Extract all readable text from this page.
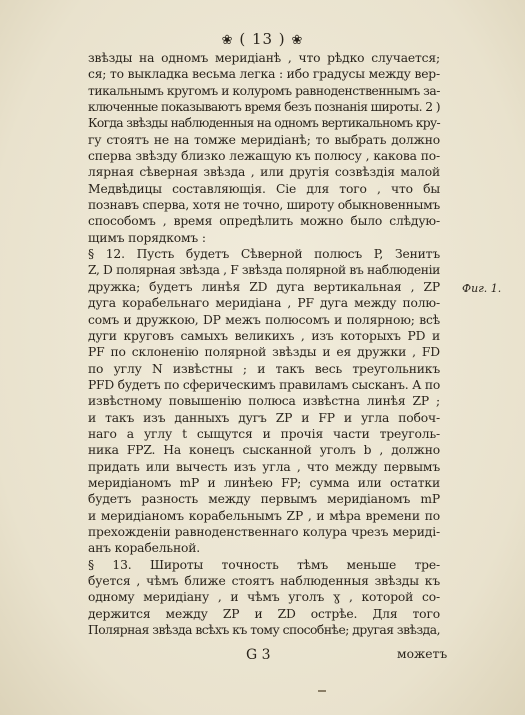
❀ ( 13 ) ❀
звѣзды на одномъ меридіанѣ , что рѣдко случается;
ся; то выкладка весьма легка : ибо градусы между вер-
тикальнымъ кругомъ и колуромъ равноденственнымъ за-
ключенные показываютъ время безъ познанія широты. 2 )
Когда звѣзды наблюденныя на одномъ вертикальномъ кру-
гу стоятъ не на томже меридіанѣ; то выбрать должно
сперва звѣзду близко лежащую къ полюсу , какова по-
лярная сѣверная звѣзда , или другія созвѣздія малой
Медвѣдицы составляющія. Сіе для того , что бы
познавъ сперва, хотя не точно, широту обыкновеннымъ
способомъ , время опредѣлить можно было слѣдую-
щимъ порядкомъ :
§ 12. Пусть будетъ Сѣверной полюсъ P, Зенитъ
Z, D полярная звѣзда , F звѣзда полярной въ наблюденіи
дружка; будетъ линѣя ZD дуга вертикальная , ZP
дуга корабельнаго меридіана , PF дуга между полю-
сомъ и дружкою, DP межъ полюсомъ и полярною; всѣ
дуги круговъ самыхъ великихъ , изъ которыхъ PD и
PF по склоненію полярной звѣзды и ея дружки , FD
по углу N извѣстны ; и такъ весь треугольникъ
PFD будетъ по сферическимъ правиламъ сысканъ. А по
извѣстному повышенію полюса извѣстна линѣя ZP ;
и такъ изъ данныхъ дугъ ZP и FP и угла побоч-
наго a углу t сыщутся и прочія части треуголь-
ника FPZ. На конецъ сысканной уголъ b , должно
придать или вычесть изъ угла , что между первымъ
меридіаномъ mP и линѣею FP; сумма или остатки
будетъ разность между первымъ меридіаномъ mP
и меридіаномъ корабельнымъ ZP , и мѣра времени по
прехожденіи равноденственнаго колура чрезъ мериді-
анъ корабельной.
§ 13. Широты точность тѣмъ меньше тре-
буется , чѣмъ ближе стоятъ наблюденныя звѣзды къ
одному меридіану , и чѣмъ уголъ ɣ , которой со-
держится между ZP и ZD острѣе. Для того
Полярная звѣзда всѣхъ къ тому способнѣе; другая звѣзда,
Фиг. 1.
G 3	можетъ
